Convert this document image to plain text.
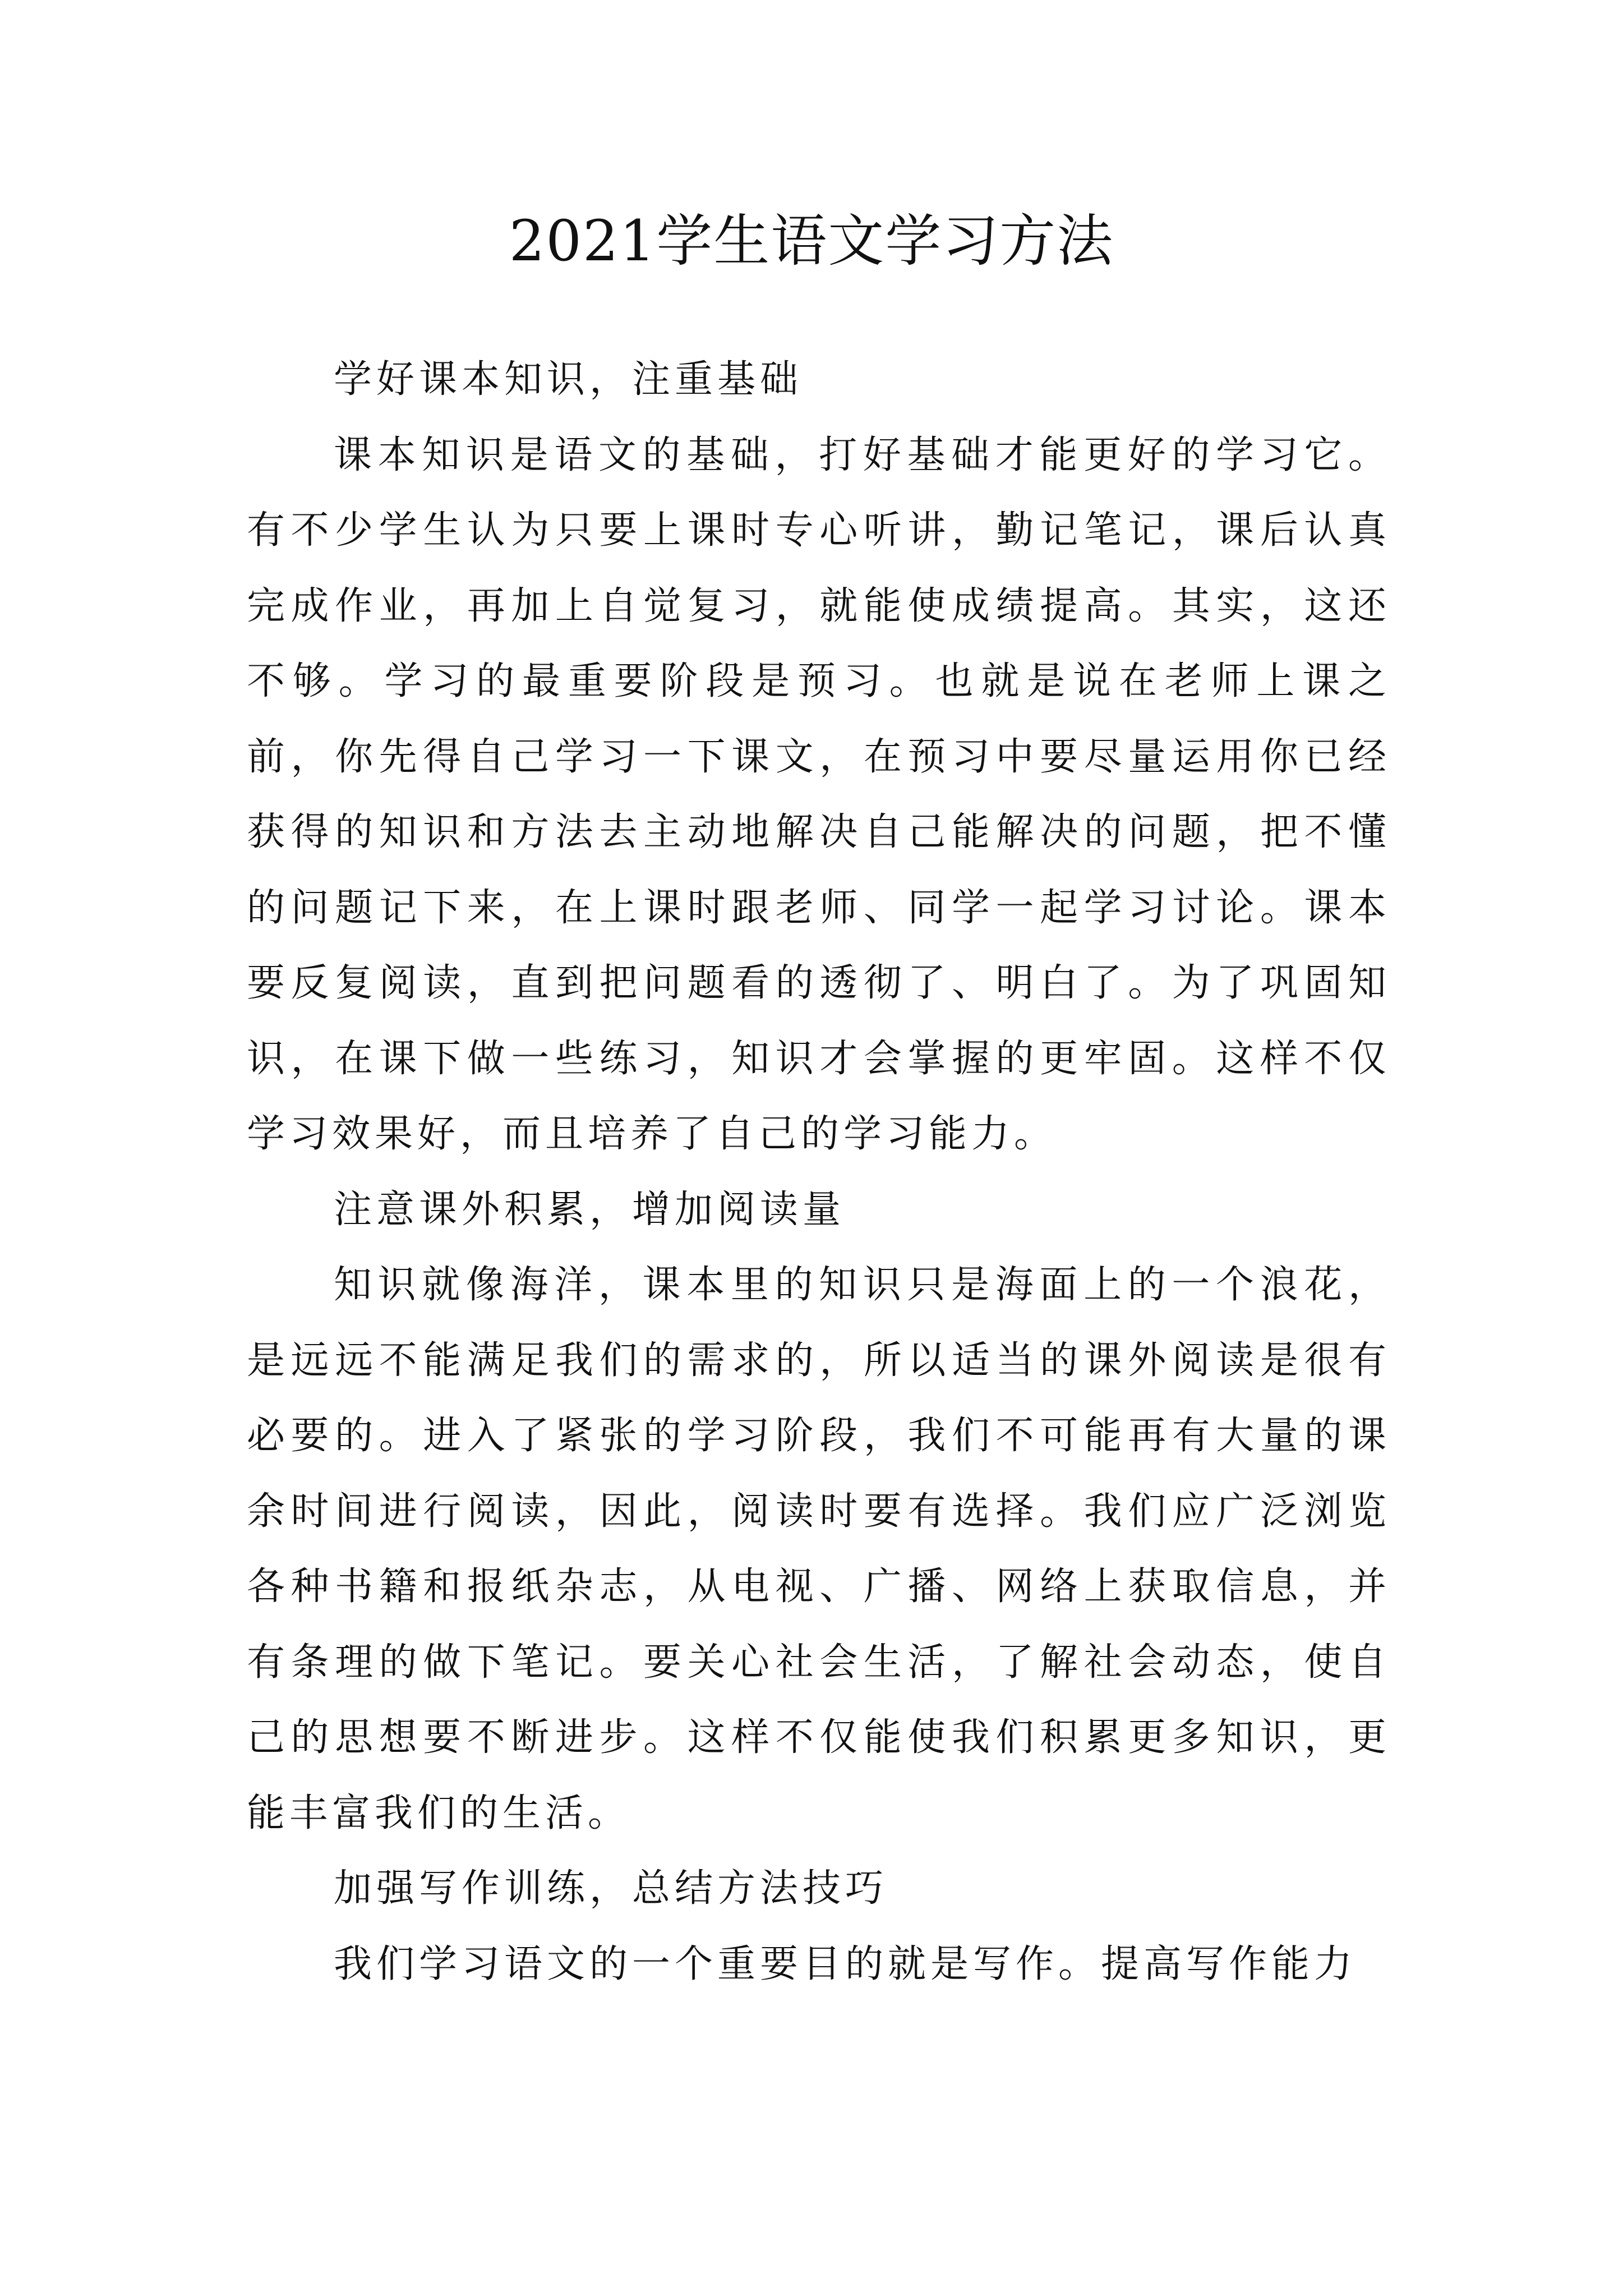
2021学生语文学习方法

学好课本知识，注重基础

课本知识是语文的基础，打好基础才能更好的学习它。有不少学生认为只要上课时专心听讲，勤记笔记，课后认真完成作业，再加上自觉复习，就能使成绩提高。其实，这还不够。学习的最重要阶段是预习。也就是说在老师上课之前，你先得自己学习一下课文，在预习中要尽量运用你已经获得的知识和方法去主动地解决自己能解决的问题，把不懂的问题记下来，在上课时跟老师、同学一起学习讨论。课本要反复阅读，直到把问题看的透彻了、明白了。为了巩固知识，在课下做一些练习，知识才会掌握的更牢固。这样不仅学习效果好，而且培养了自己的学习能力。

注意课外积累，增加阅读量

知识就像海洋，课本里的知识只是海面上的一个浪花，是远远不能满足我们的需求的，所以适当的课外阅读是很有必要的。进入了紧张的学习阶段，我们不可能再有大量的课余时间进行阅读，因此，阅读时要有选择。我们应广泛浏览各种书籍和报纸杂志，从电视、广播、网络上获取信息，并有条理的做下笔记。要关心社会生活，了解社会动态，使自己的思想要不断进步。这样不仅能使我们积累更多知识，更能丰富我们的生活。

加强写作训练，总结方法技巧

我们学习语文的一个重要目的就是写作。提高写作能力
